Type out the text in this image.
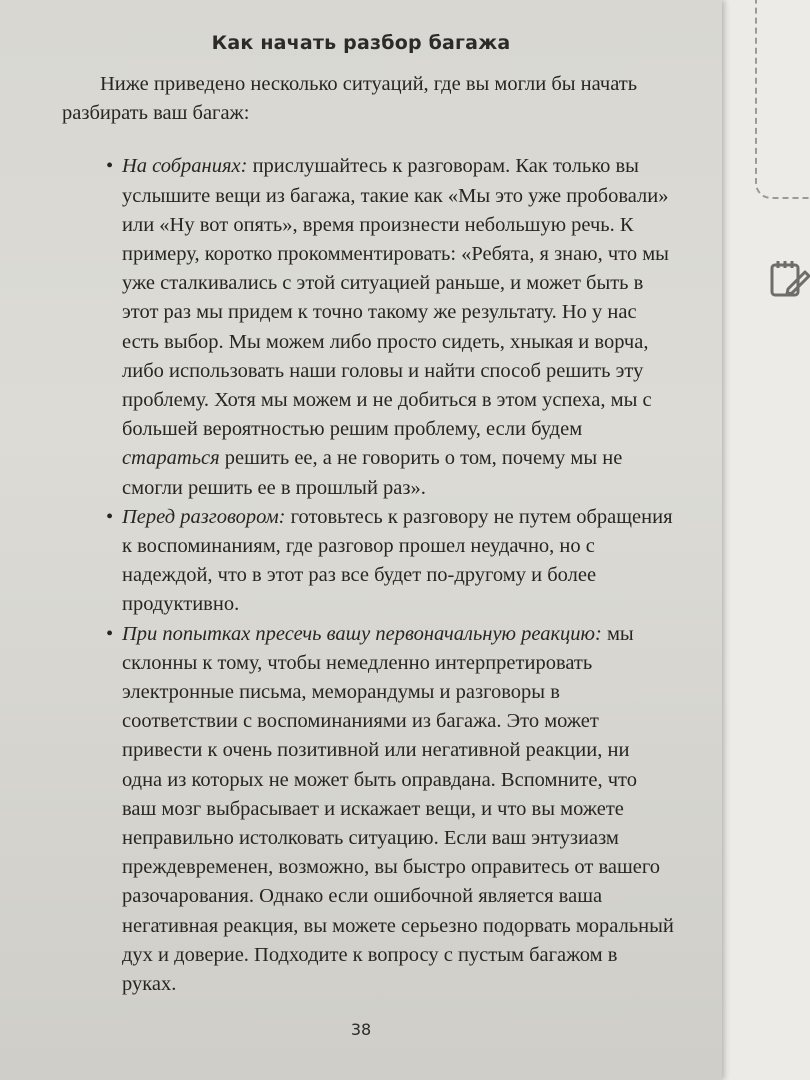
Как начать разбор багажа

Ниже приведено несколько ситуаций, где вы могли бы начать разбирать ваш багаж:

• На собраниях: прислушайтесь к разговорам. Как только вы услышите вещи из багажа, такие как «Мы это уже пробовали» или «Ну вот опять», время произнести небольшую речь. К примеру, коротко прокомментировать: «Ребята, я знаю, что мы уже сталкивались с этой ситуацией раньше, и может быть в этот раз мы придем к точно такому же результату. Но у нас есть выбор. Мы можем либо просто сидеть, хныкая и ворча, либо использовать наши головы и найти способ решить эту проблему. Хотя мы можем и не добиться в этом успеха, мы с большей вероятностью решим проблему, если будем стараться решить ее, а не говорить о том, почему мы не смогли решить ее в прошлый раз».
• Перед разговором: готовьтесь к разговору не путем обращения к воспоминаниям, где разговор прошел неудачно, но с надеждой, что в этот раз все будет по-другому и более продуктивно.
• При попытках пресечь вашу первоначальную реакцию: мы склонны к тому, чтобы немедленно интерпретировать электронные письма, меморандумы и разговоры в соответствии с воспоминаниями из багажа. Это может привести к очень позитивной или негативной реакции, ни одна из которых не может быть оправдана. Вспомните, что ваш мозг выбрасывает и искажает вещи, и что вы можете неправильно истолковать ситуацию. Если ваш энтузиазм преждевременен, возможно, вы быстро оправитесь от вашего разочарования. Однако если ошибочной является ваша негативная реакция, вы можете серьезно подорвать моральный дух и доверие. Подходите к вопросу с пустым багажом в руках.
38
